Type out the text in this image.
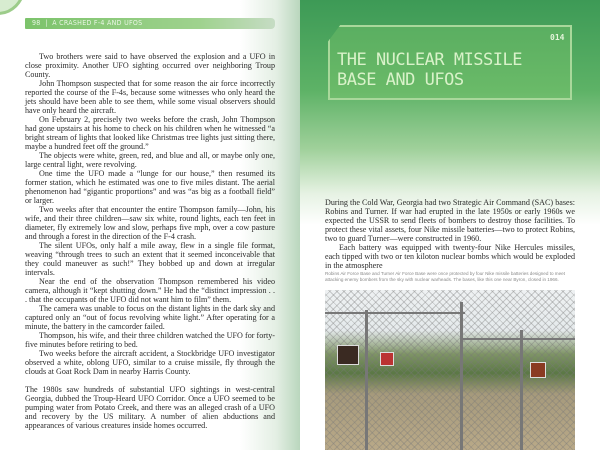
98  |  A CRASHED F-4 AND UFOS

Two brothers were said to have observed the explosion and a UFO in close proximity. Another UFO sighting occurred over neighboring Troup County.

John Thompson suspected that for some reason the air force incorrectly reported the course of the F-4s, because some witnesses who only heard the jets should have been able to see them, while some visual observers should have only heard the aircraft.

On February 2, precisely two weeks before the crash, John Thompson had gone upstairs at his home to check on his children when he witnessed “a bright stream of lights that looked like Christmas tree lights just sitting there, maybe a hundred feet off the ground.”

The objects were white, green, red, and blue and all, or maybe only one, large central light, were revolving.

One time the UFO made a “lunge for our house,” then resumed its former station, which he estimated was one to five miles distant. The aerial phenomenon had “gigantic proportions” and was “as big as a football field” or larger.

Two weeks after that encounter the entire Thompson family—John, his wife, and their three children—saw six white, round lights, each ten feet in diameter, fly extremely low and slow, perhaps five mph, over a cow pasture and through a forest in the direction of the F-4 crash.

The silent UFOs, only half a mile away, flew in a single file format, weaving “through trees to such an extent that it seemed inconceivable that they could maneuver as such!” They bobbed up and down at irregular intervals.

Near the end of the observation Thompson remembered his video camera, although it “kept shutting down.” He had the “distinct impression . . . that the occupants of the UFO did not want him to film” them.

The camera was unable to focus on the distant lights in the dark sky and captured only an “out of focus revolving white light.” After operating for a minute, the battery in the camcorder failed.

Thompson, his wife, and their three children watched the UFO for forty-five minutes before retiring to bed.

Two weeks before the aircraft accident, a Stockbridge UFO investigator observed a white, oblong UFO, similar to a cruise missile, fly through the clouds at Goat Rock Dam in nearby Harris County.

The 1980s saw hundreds of substantial UFO sightings in west-central Georgia, dubbed the Troup-Heard UFO Corridor. Once a UFO seemed to be pumping water from Potato Creek, and there was an alleged crash of a UFO and recovery by the US military. A number of alien abductions and appearances of various creatures inside homes occurred.

014
THE NUCLEAR MISSILE
BASE AND UFOS

During the Cold War, Georgia had two Strategic Air Command (SAC) bases: Robins and Turner. If war had erupted in the late 1950s or early 1960s we expected the USSR to send fleets of bombers to destroy those facilities. To protect these vital assets, four Nike missile batteries—two to protect Robins, two to guard Turner—were constructed in 1960.

Each battery was equipped with twenty-four Nike Hercules missiles, each tipped with two or ten kiloton nuclear bombs which would be exploded in the atmosphere

Robins Air Force Base and Turner Air Force Base were once protected by four Nike missile batteries designed to meet attacking enemy bombers from the sky with nuclear warheads. The bases, like this one near Byron, closed in 1966.
